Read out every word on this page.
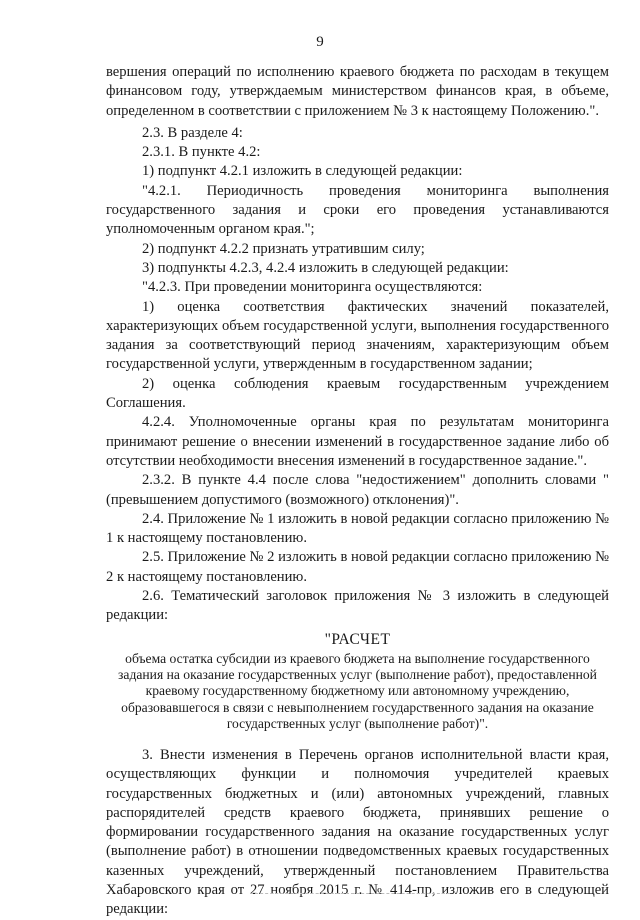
9

вершения операций по исполнению краевого бюджета по расходам в текущем финансовом году, утверждаемым министерством финансов края, в объеме, определенном в соответствии с приложением № 3 к настоящему Положению.".

2.3. В разделе 4:

2.3.1. В пункте 4.2:

1) подпункт 4.2.1 изложить в следующей редакции:

"4.2.1. Периодичность проведения мониторинга выполнения государственного задания и сроки его проведения устанавливаются уполномоченным органом края.";

2) подпункт 4.2.2 признать утратившим силу;

3) подпункты 4.2.3, 4.2.4 изложить в следующей редакции:

"4.2.3. При проведении мониторинга осуществляются:

1) оценка соответствия фактических значений показателей, характеризующих объем государственной услуги, выполнения государственного задания за соответствующий период значениям, характеризующим объем государственной услуги, утвержденным в государственном задании;

2) оценка соблюдения краевым государственным учреждением Соглашения.

4.2.4. Уполномоченные органы края по результатам мониторинга принимают решение о внесении изменений в государственное задание либо об отсутствии необходимости внесения изменений в государственное задание.".

2.3.2. В пункте 4.4 после слова "недостижением" дополнить словами "(превышением допустимого (возможного) отклонения)".

2.4. Приложение № 1 изложить в новой редакции согласно приложению № 1 к настоящему постановлению.

2.5. Приложение № 2 изложить в новой редакции согласно приложению № 2 к настоящему постановлению.

2.6. Тематический заголовок приложения № 3 изложить в следующей редакции:

"РАСЧЕТ
объема остатка субсидии из краевого бюджета на выполнение государственного задания на оказание государственных услуг (выполнение работ), предоставленной краевому государственному бюджетному или автономному учреждению, образовавшегося в связи с невыполнением государственного задания на оказание государственных услуг (выполнение работ)".

3. Внести изменения в Перечень органов исполнительной власти края, осуществляющих функции и полномочия учредителей краевых государственных бюджетных и (или) автономных учреждений, главных распорядителей средств краевого бюджета, принявших решение о формировании государственного задания на оказание государственных услуг (выполнение работ) в отношении подведомственных краевых государственных казенных учреждений, утвержденный постановлением Правительства Хабаровского края от 27 ноября 2015 г. № 414-пр, изложив его в следующей редакции:
